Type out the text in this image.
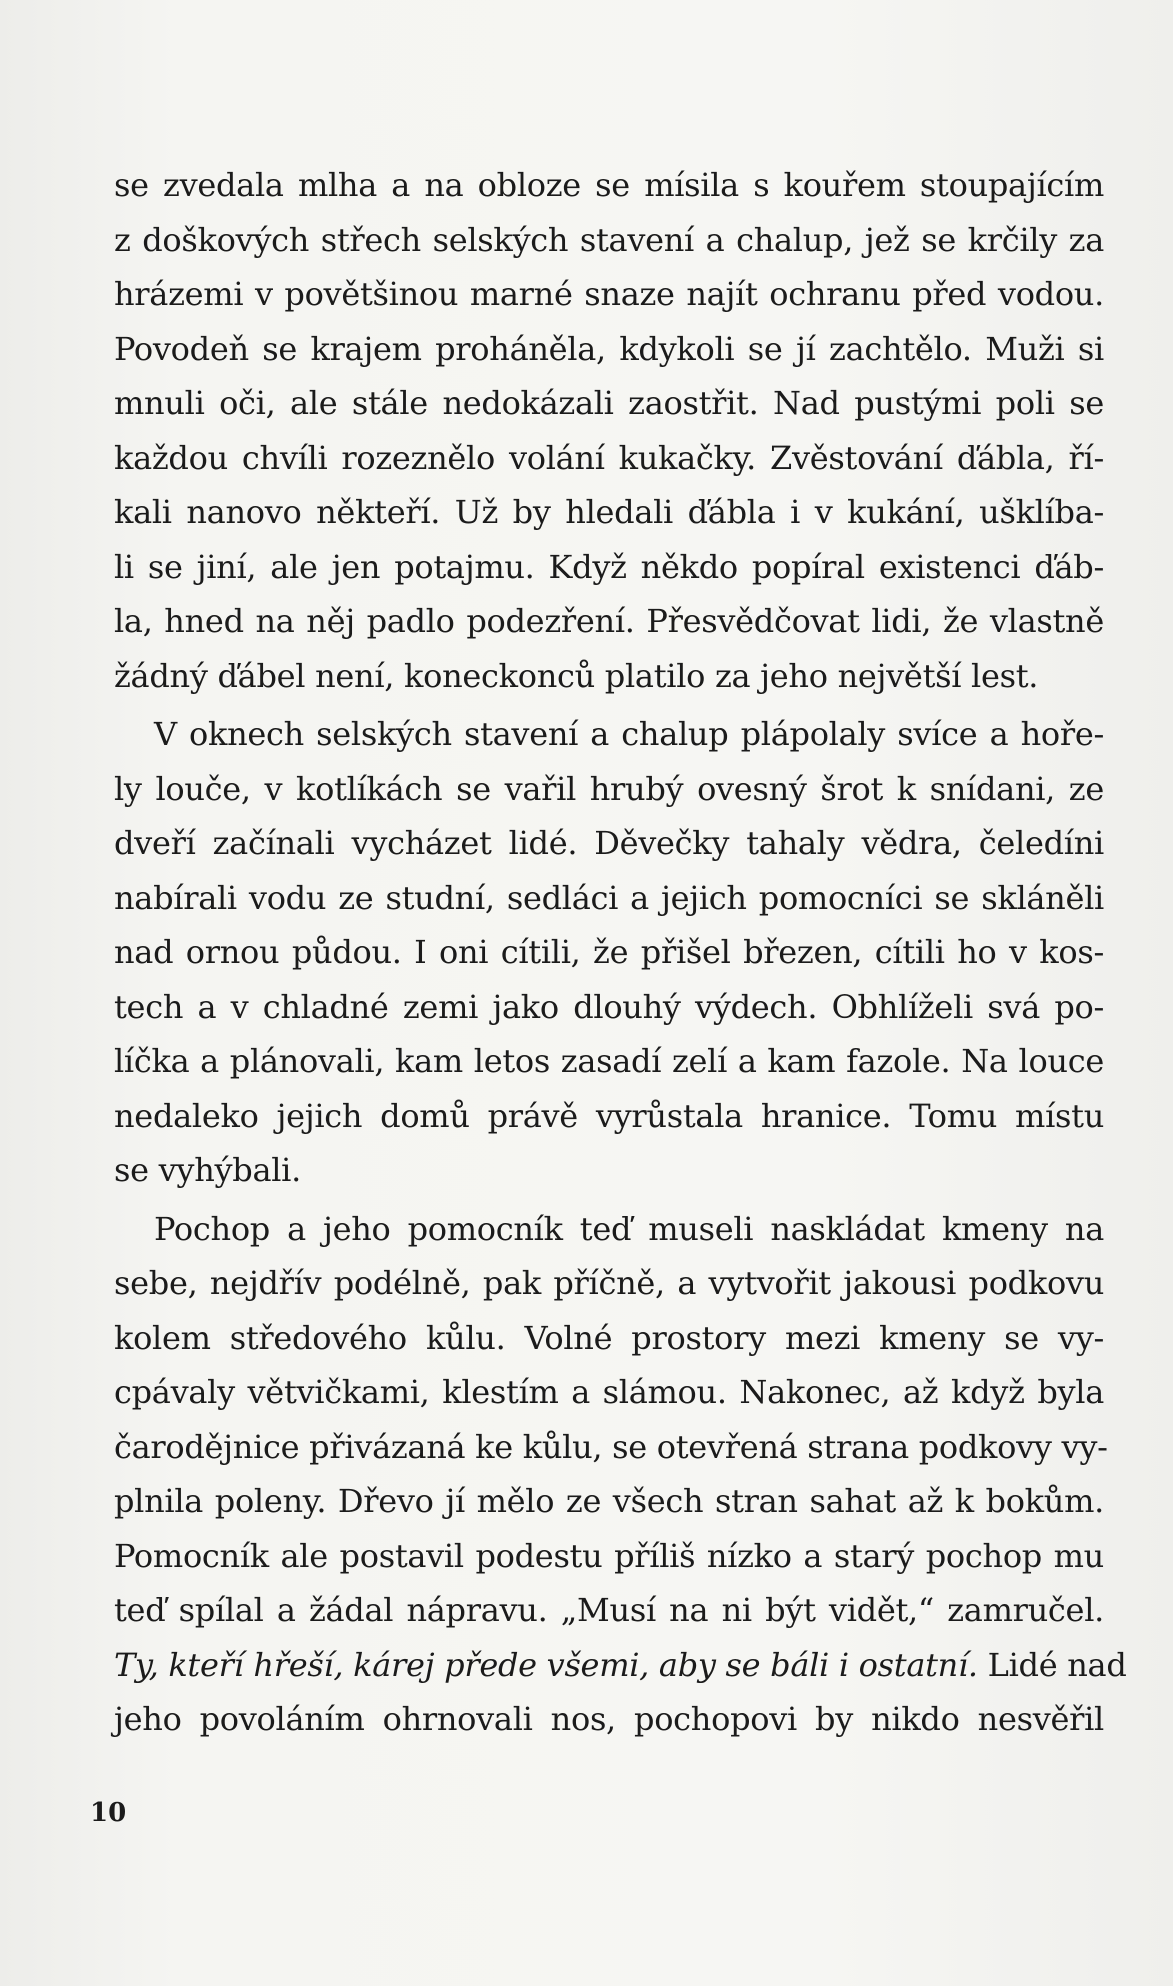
se zvedala mlha a na obloze se mísila s kouřem stoupajícím
z doškových střech selských stavení a chalup, jež se krčily za
hrázemi v povětšinou marné snaze najít ochranu před vodou.
Povodeň se krajem proháněla, kdykoli se jí zachtělo. Muži si
mnuli oči, ale stále nedokázali zaostřit. Nad pustými poli se
každou chvíli rozeznělo volání kukačky. Zvěstování ďábla, ří-
kali nanovo někteří. Už by hledali ďábla i v kukání, ušklíba-
li se jiní, ale jen potajmu. Když někdo popíral existenci ďáb-
la, hned na něj padlo podezření. Přesvědčovat lidi, že vlastně
žádný ďábel není, koneckonců platilo za jeho největší lest.
V oknech selských stavení a chalup plápolaly svíce a hoře-
ly louče, v kotlíkách se vařil hrubý ovesný šrot k snídani, ze
dveří začínali vycházet lidé. Děvečky tahaly vědra, čeledíni
nabírali vodu ze studní, sedláci a jejich pomocníci se skláněli
nad ornou půdou. I oni cítili, že přišel březen, cítili ho v kos-
tech a v chladné zemi jako dlouhý výdech. Obhlíželi svá po-
líčka a plánovali, kam letos zasadí zelí a kam fazole. Na louce
nedaleko jejich domů právě vyrůstala hranice. Tomu místu
se vyhýbali.
Pochop a jeho pomocník teď museli naskládat kmeny na
sebe, nejdřív podélně, pak příčně, a vytvořit jakousi podkovu
kolem středového kůlu. Volné prostory mezi kmeny se vy-
cpávaly větvičkami, klestím a slámou. Nakonec, až když byla
čarodějnice přivázaná ke kůlu, se otevřená strana podkovy vy-
plnila poleny. Dřevo jí mělo ze všech stran sahat až k bokům.
Pomocník ale postavil podestu příliš nízko a starý pochop mu
teď spílal a žádal nápravu. „Musí na ni být vidět,“ zamručel.
Ty, kteří hřeší, kárej přede všemi, aby se báli i ostatní. Lidé nad
jeho povoláním ohrnovali nos, pochopovi by nikdo nesvěřil
10
